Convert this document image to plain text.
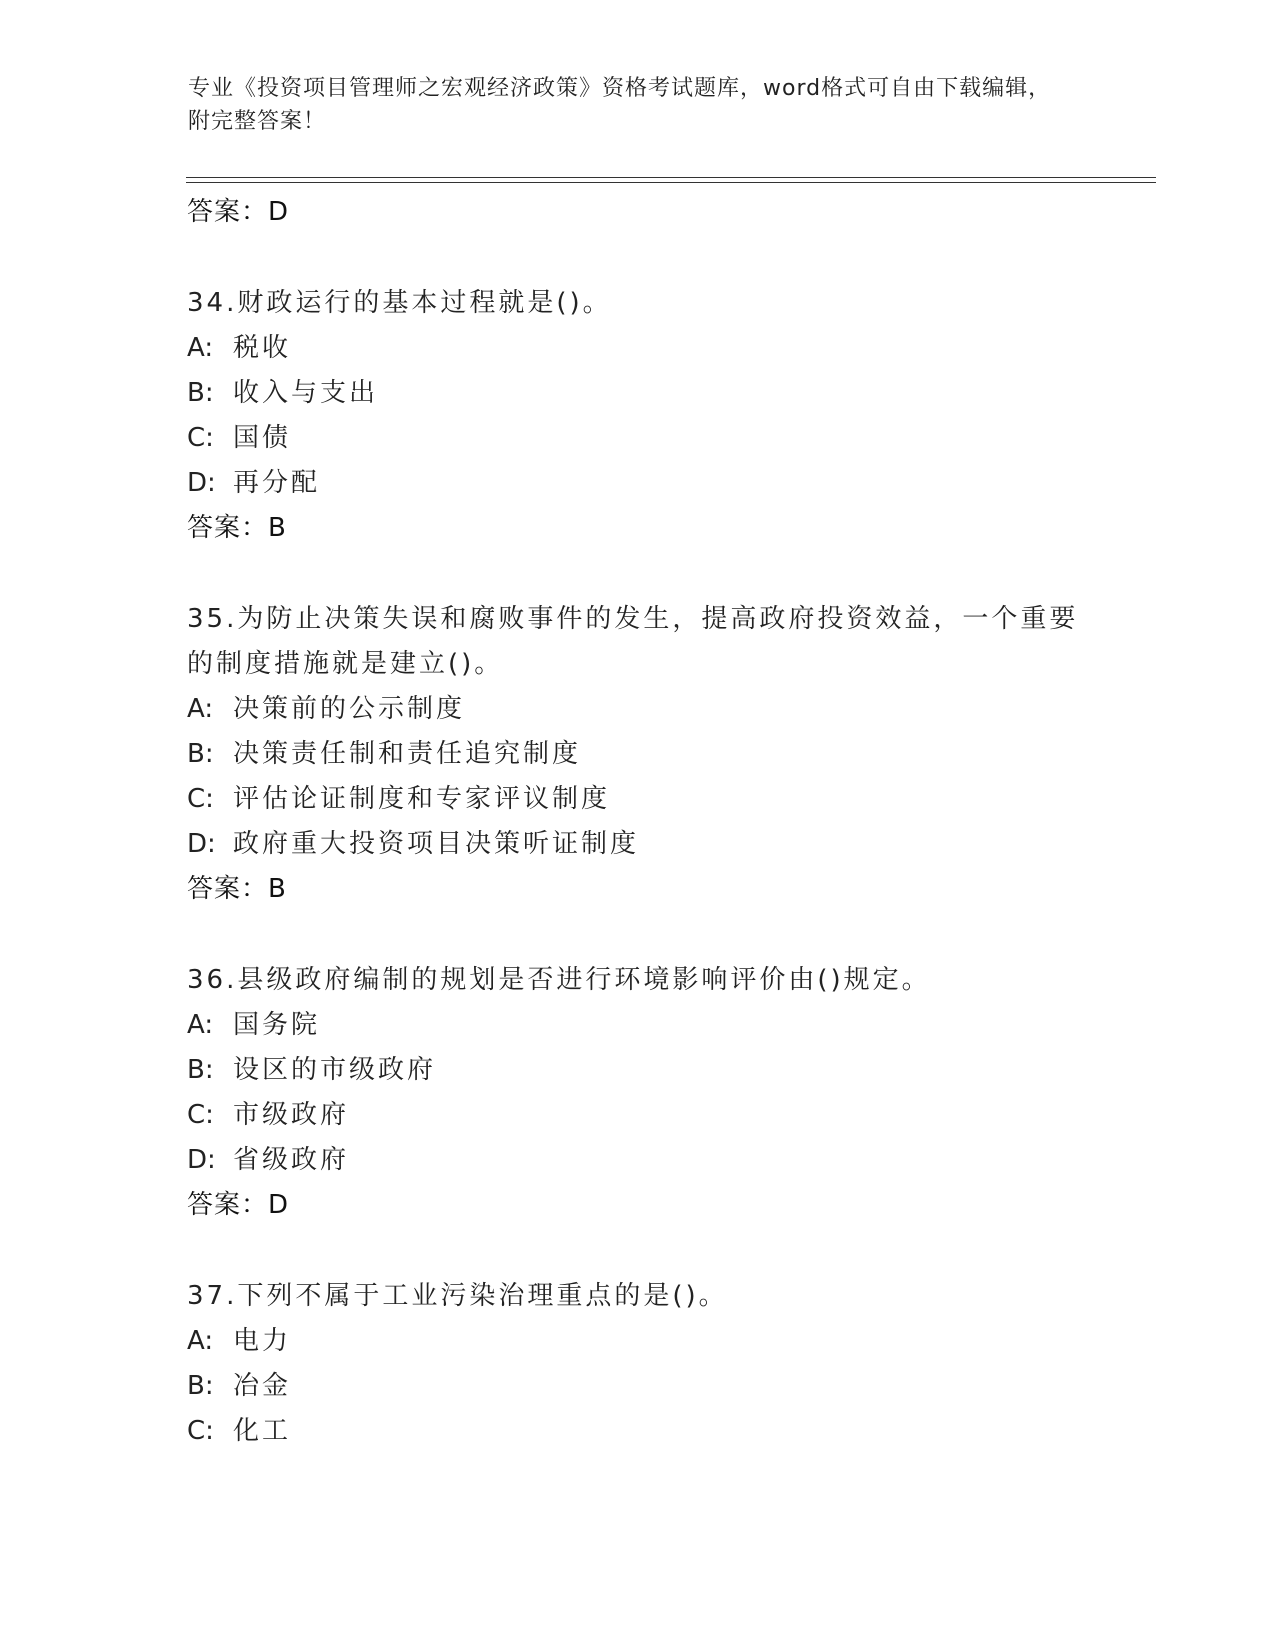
专业《投资项目管理师之宏观经济政策》资格考试题库，word格式可自由下载编辑，附完整答案！
答案：D
34.财政运行的基本过程就是()。
A: 税收
B: 收入与支出
C: 国债
D: 再分配
答案：B
35.为防止决策失误和腐败事件的发生，提高政府投资效益，一个重要的制度措施就是建立()。
A: 决策前的公示制度
B: 决策责任制和责任追究制度
C: 评估论证制度和专家评议制度
D: 政府重大投资项目决策听证制度
答案：B
36.县级政府编制的规划是否进行环境影响评价由()规定。
A: 国务院
B: 设区的市级政府
C: 市级政府
D: 省级政府
答案：D
37.下列不属于工业污染治理重点的是()。
A: 电力
B: 冶金
C: 化工
